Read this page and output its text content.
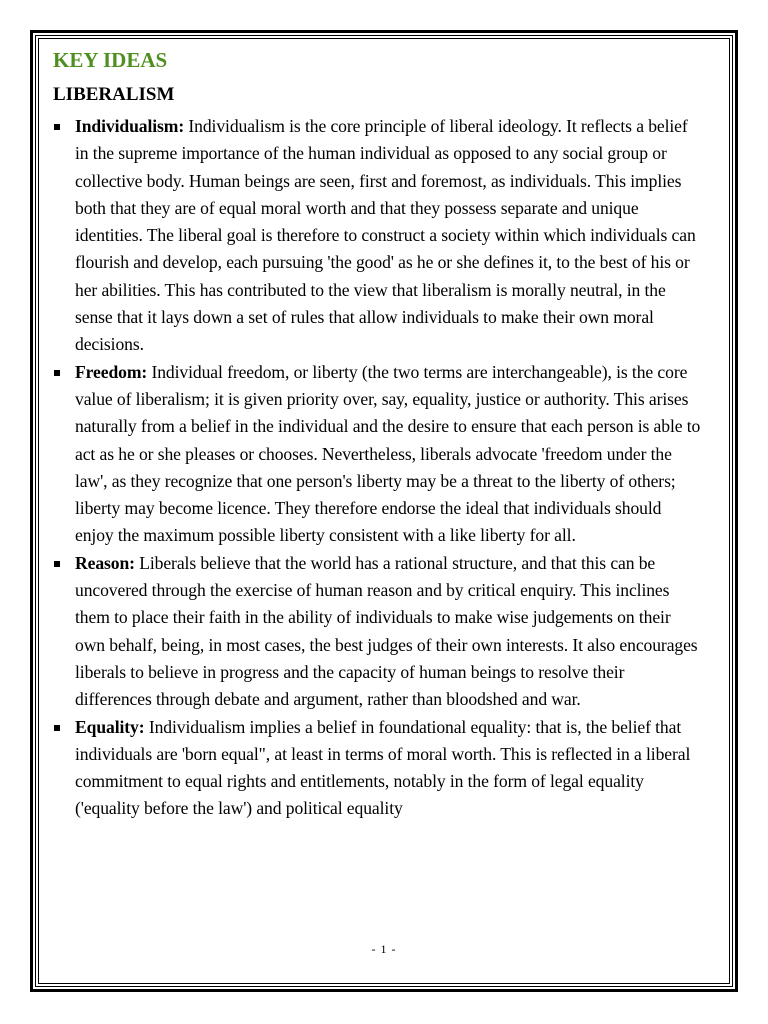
KEY IDEAS
LIBERALISM
Individualism: Individualism is the core principle of liberal ideology. It reflects a belief in the supreme importance of the human individual as opposed to any social group or collective body. Human beings are seen, first and foremost, as individuals. This implies both that they are of equal moral worth and that they possess separate and unique identities. The liberal goal is therefore to construct a society within which individuals can flourish and develop, each pursuing 'the good' as he or she defines it, to the best of his or her abilities. This has contributed to the view that liberalism is morally neutral, in the sense that it lays down a set of rules that allow individuals to make their own moral decisions.
Freedom: Individual freedom, or liberty (the two terms are interchangeable), is the core value of liberalism; it is given priority over, say, equality, justice or authority. This arises naturally from a belief in the individual and the desire to ensure that each person is able to act as he or she pleases or chooses. Nevertheless, liberals advocate 'freedom under the law', as they recognize that one person's liberty may be a threat to the liberty of others; liberty may become licence. They therefore endorse the ideal that individuals should enjoy the maximum possible liberty consistent with a like liberty for all.
Reason: Liberals believe that the world has a rational structure, and that this can be uncovered through the exercise of human reason and by critical enquiry. This inclines them to place their faith in the ability of individuals to make wise judgements on their own behalf, being, in most cases, the best judges of their own interests. It also encourages liberals to believe in progress and the capacity of human beings to resolve their differences through debate and argument, rather than bloodshed and war.
Equality: Individualism implies a belief in foundational equality: that is, the belief that individuals are 'born equal", at least in terms of moral worth. This is reflected in a liberal commitment to equal rights and entitlements, notably in the form of legal equality ('equality before the law') and political equality
- 1 -
